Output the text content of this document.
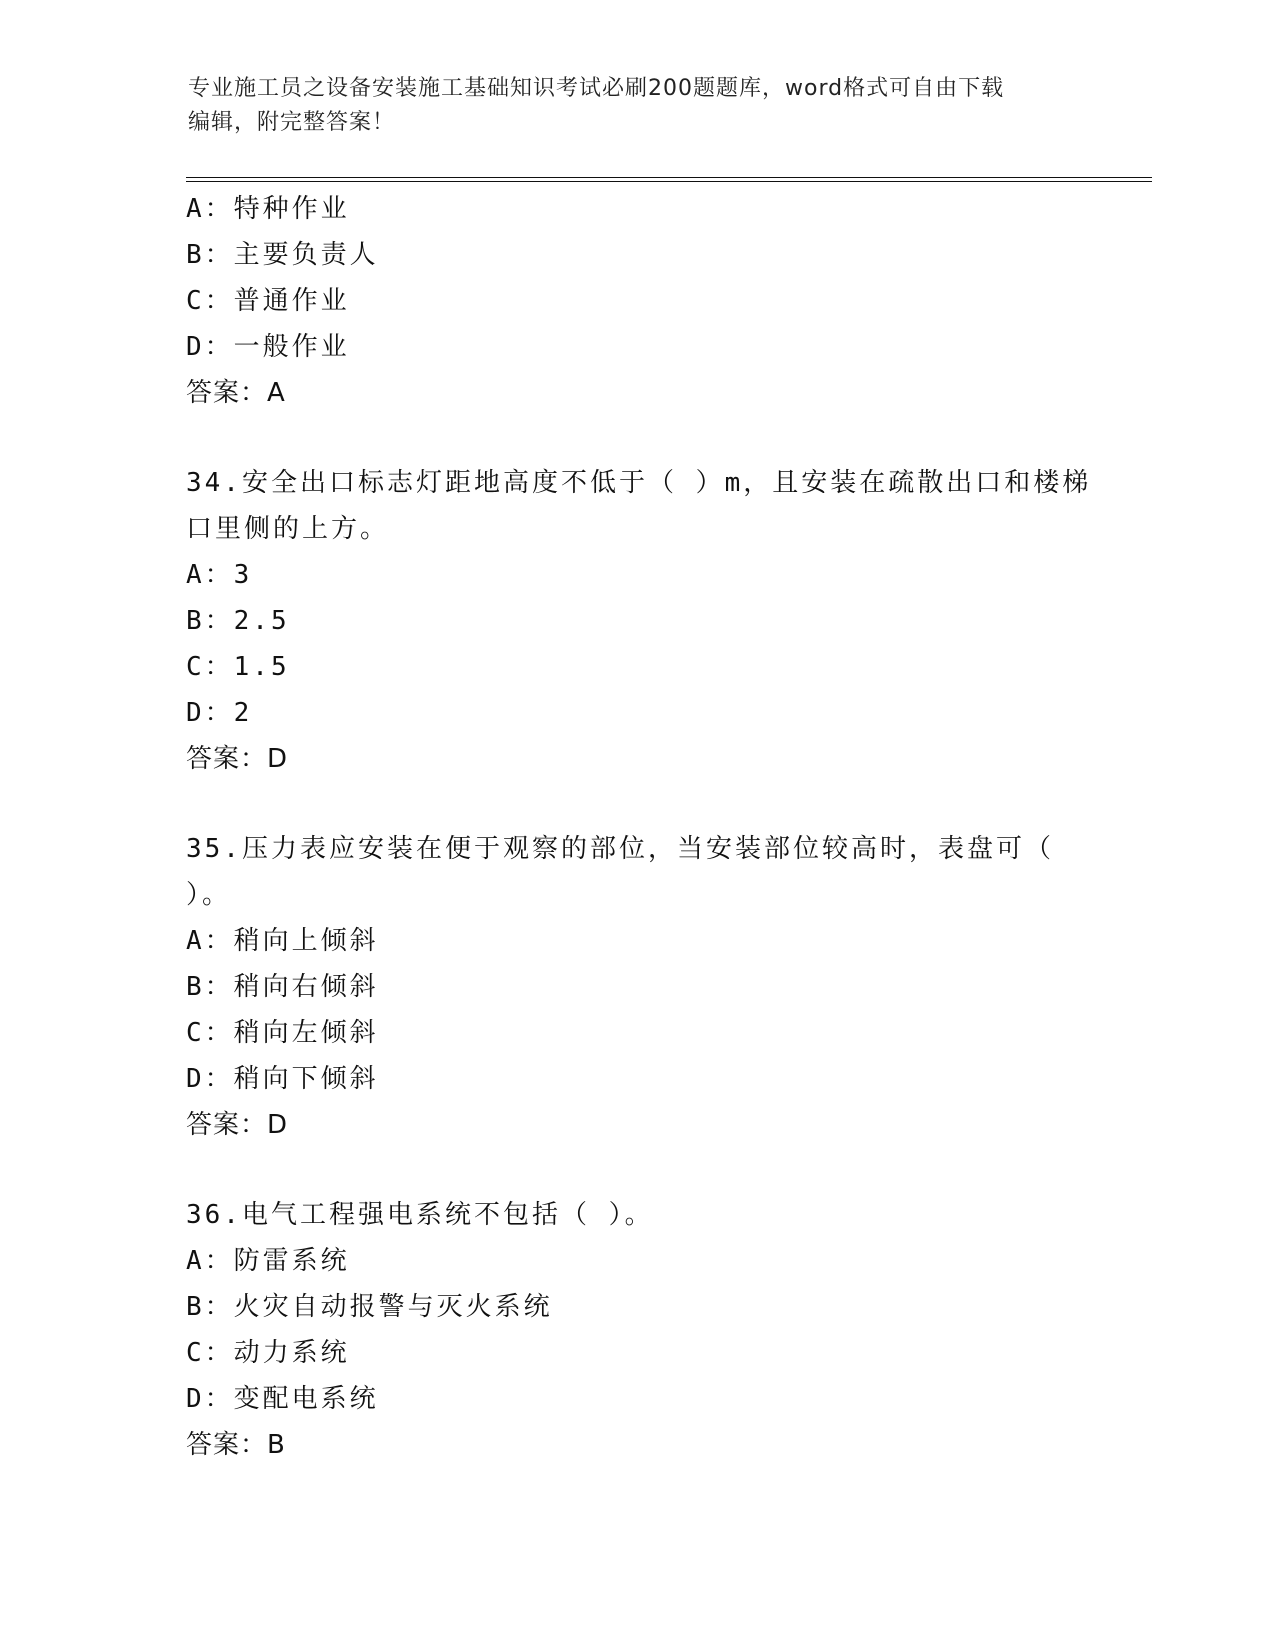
专业施工员之设备安装施工基础知识考试必刷200题题库，word格式可自由下载
编辑，附完整答案！
A：特种作业
B：主要负责人
C：普通作业
D：一般作业
答案：A
34.安全出口标志灯距地高度不低于（ ）m，且安装在疏散出口和楼梯
口里侧的上方。
A：3
B：2.5
C：1.5
D：2
答案：D
35.压力表应安装在便于观察的部位，当安装部位较高时，表盘可（
）。
A：稍向上倾斜
B：稍向右倾斜
C：稍向左倾斜
D：稍向下倾斜
答案：D
36.电气工程强电系统不包括（ ）。
A：防雷系统
B：火灾自动报警与灭火系统
C：动力系统
D：变配电系统
答案：B
